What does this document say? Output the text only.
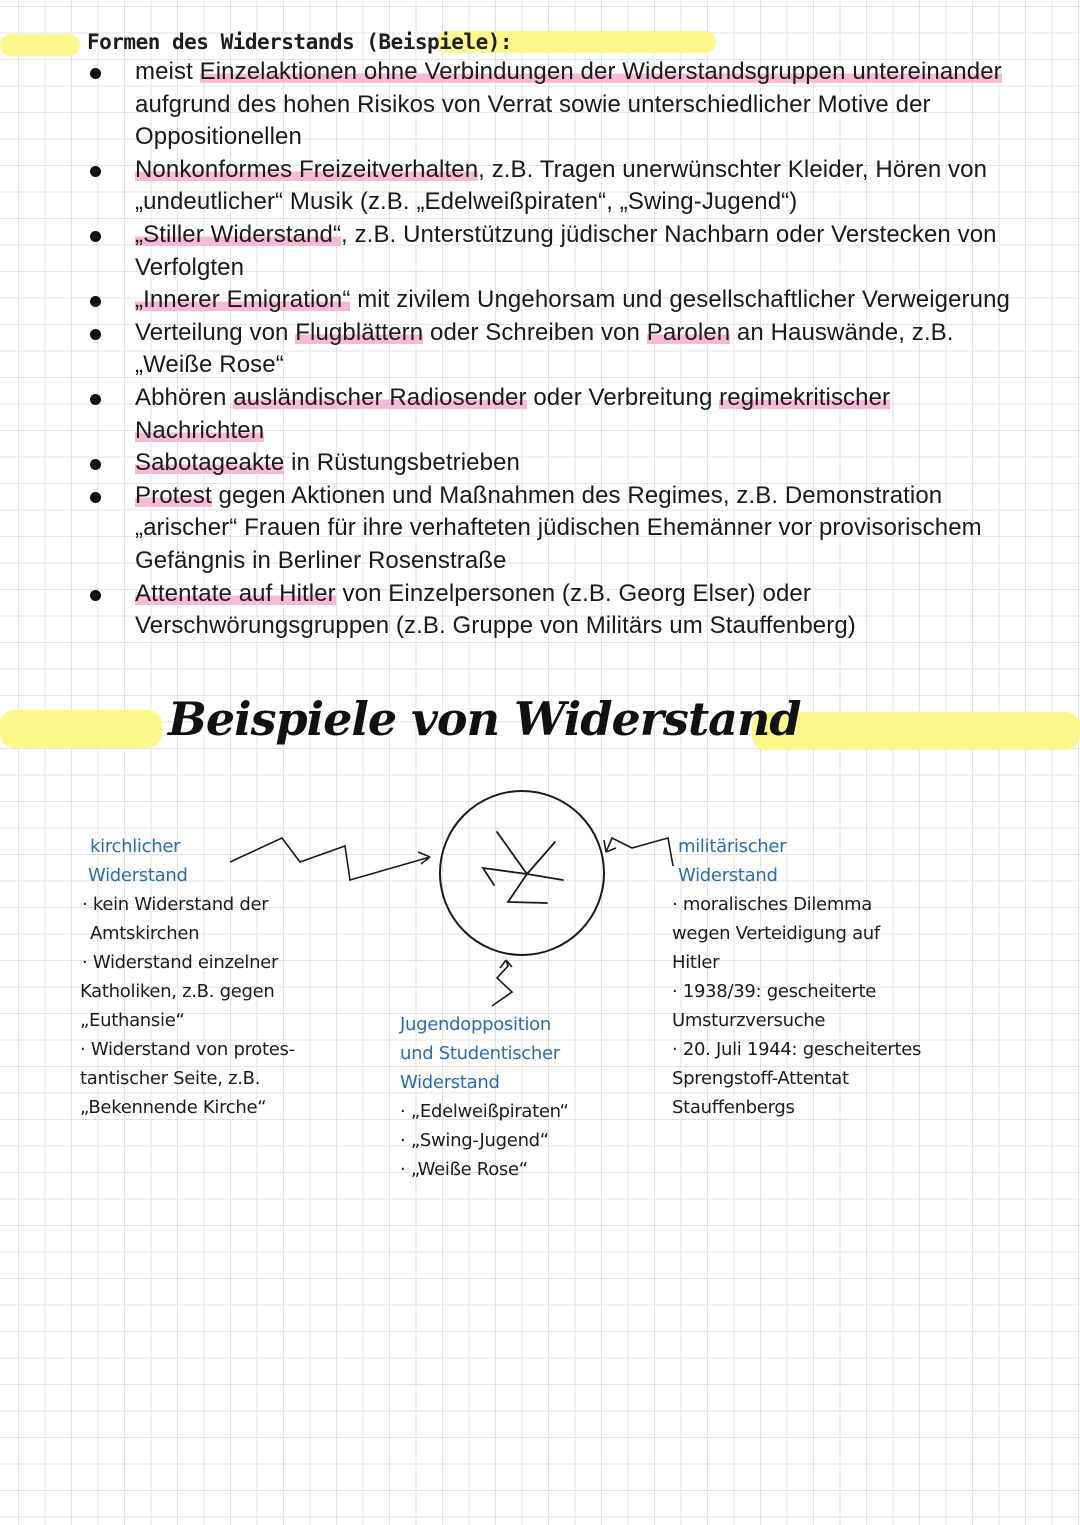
Formen des Widerstands (Beispiele):
meist Einzelaktionen ohne Verbindungen der Widerstandsgruppen untereinander aufgrund des hohen Risikos von Verrat sowie unterschiedlicher Motive der Oppositionellen
Nonkonformes Freizeitverhalten, z.B. Tragen unerwünschter Kleider, Hören von „undeutlicher“ Musik (z.B. „Edelweißpiraten“, „Swing-Jugend“)
„Stiller Widerstand“, z.B. Unterstützung jüdischer Nachbarn oder Verstecken von Verfolgten
„Innerer Emigration“ mit zivilem Ungehorsam und gesellschaftlicher Verweigerung
Verteilung von Flugblättern oder Schreiben von Parolen an Hauswände, z.B. „Weiße Rose“
Abhören ausländischer Radiosender oder Verbreitung regimekritischer Nachrichten
Sabotageakte in Rüstungsbetrieben
Protest gegen Aktionen und Maßnahmen des Regimes, z.B. Demonstration „arischer“ Frauen für ihre verhafteten jüdischen Ehemänner vor provisorischem Gefängnis in Berliner Rosenstraße
Attentate auf Hitler von Einzelpersonen (z.B. Georg Elser) oder Verschwörungsgruppen (z.B. Gruppe von Militärs um Stauffenberg)
Beispiele von Widerstand
kirchlicher
Widerstand
· kein Widerstand der
Amtskirchen
· Widerstand einzelner
Katholiken, z.B. gegen
„Euthansie“
· Widerstand von protes-
tantischer Seite, z.B.
„Bekennende Kirche“
Jugendopposition
und Studentischer
Widerstand
· „Edelweißpiraten“
· „Swing-Jugend“
· „Weiße Rose“
militärischer
Widerstand
· moralisches Dilemma
wegen Verteidigung auf
Hitler
· 1938/39: gescheiterte
Umsturzversuche
· 20. Juli 1944: gescheitertes
Sprengstoff-Attentat
Stauffenbergs
